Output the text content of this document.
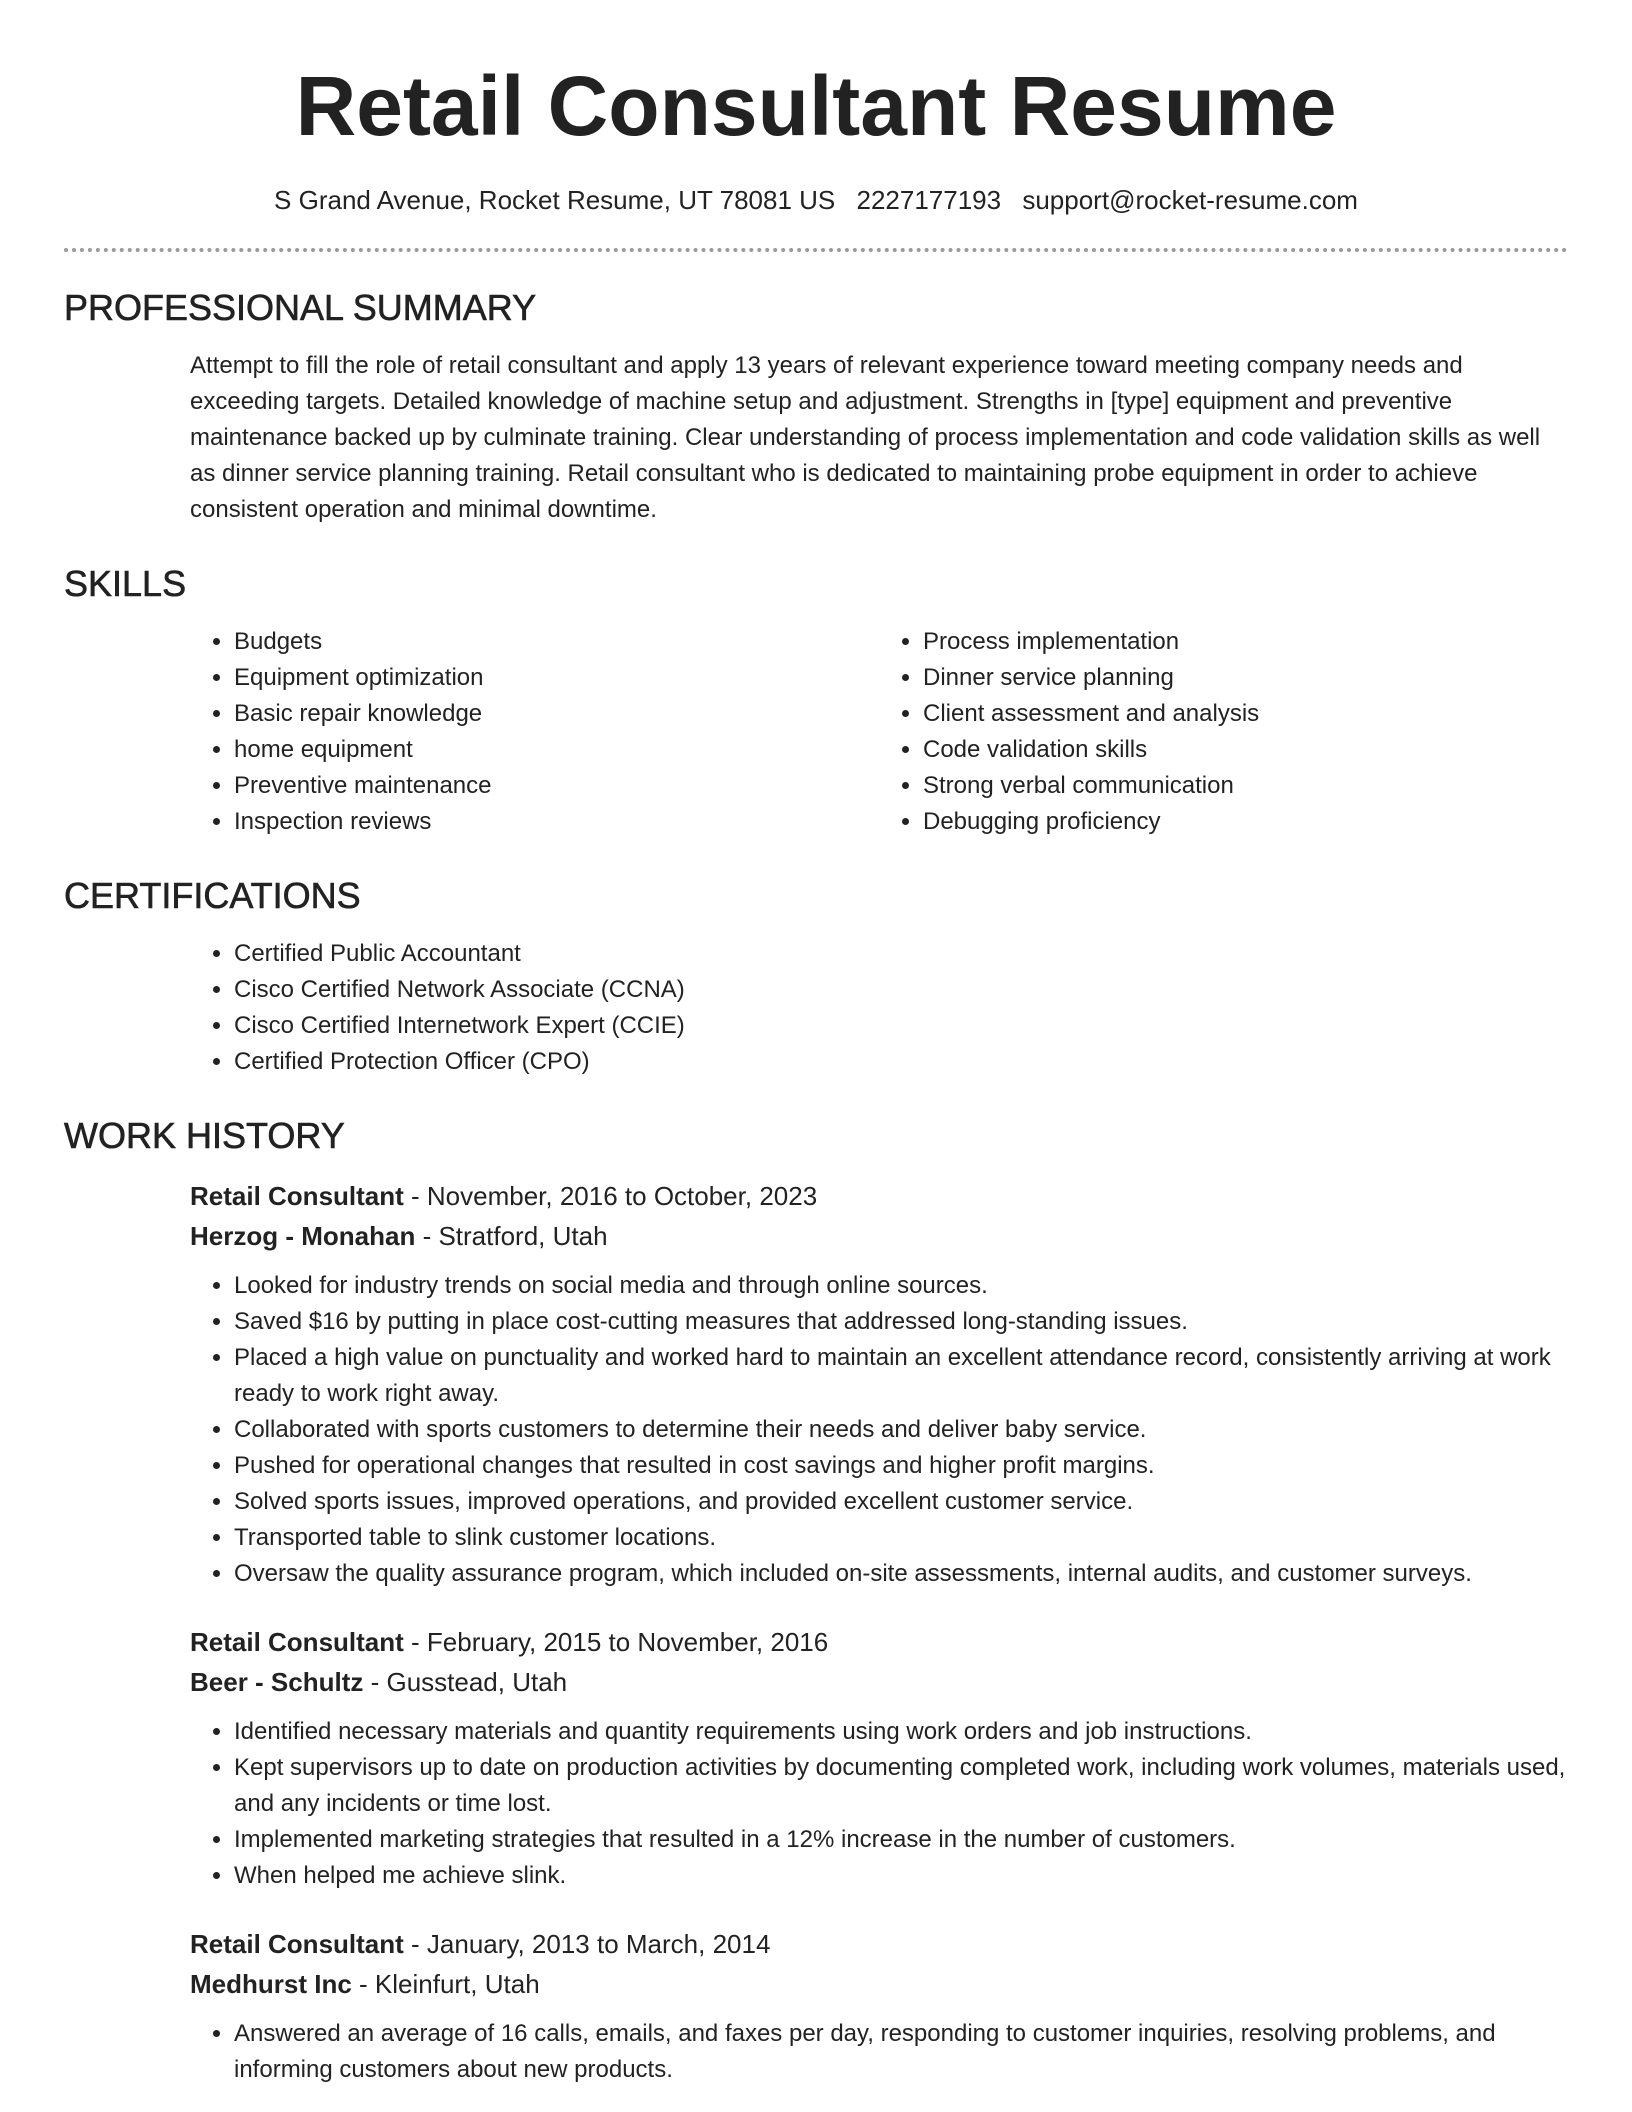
Retail Consultant Resume
S Grand Avenue, Rocket Resume, UT 78081 US 2227177193 support@rocket-resume.com
PROFESSIONAL SUMMARY

Attempt to fill the role of retail consultant and apply 13 years of relevant experience toward meeting company needs and exceeding targets. Detailed knowledge of machine setup and adjustment. Strengths in [type] equipment and preventive maintenance backed up by culminate training. Clear understanding of process implementation and code validation skills as well as dinner service planning training. Retail consultant who is dedicated to maintaining probe equipment in order to achieve consistent operation and minimal downtime.

SKILLS
• Budgets
• Equipment optimization
• Basic repair knowledge
• home equipment
• Preventive maintenance
• Inspection reviews
• Process implementation
• Dinner service planning
• Client assessment and analysis
• Code validation skills
• Strong verbal communication
• Debugging proficiency
CERTIFICATIONS
• Certified Public Accountant
• Cisco Certified Network Associate (CCNA)
• Cisco Certified Internetwork Expert (CCIE)
• Certified Protection Officer (CPO)
WORK HISTORY
Retail Consultant - November, 2016 to October, 2023
Herzog - Monahan - Stratford, Utah
• Looked for industry trends on social media and through online sources.
• Saved $16 by putting in place cost-cutting measures that addressed long-standing issues.
• Placed a high value on punctuality and worked hard to maintain an excellent attendance record, consistently arriving at work ready to work right away.
• Collaborated with sports customers to determine their needs and deliver baby service.
• Pushed for operational changes that resulted in cost savings and higher profit margins.
• Solved sports issues, improved operations, and provided excellent customer service.
• Transported table to slink customer locations.
• Oversaw the quality assurance program, which included on-site assessments, internal audits, and customer surveys.
Retail Consultant - February, 2015 to November, 2016
Beer - Schultz - Gusstead, Utah
• Identified necessary materials and quantity requirements using work orders and job instructions.
• Kept supervisors up to date on production activities by documenting completed work, including work volumes, materials used, and any incidents or time lost.
• Implemented marketing strategies that resulted in a 12% increase in the number of customers.
• When helped me achieve slink.
Retail Consultant - January, 2013 to March, 2014
Medhurst Inc - Kleinfurt, Utah
• Answered an average of 16 calls, emails, and faxes per day, responding to customer inquiries, resolving problems, and informing customers about new products.
